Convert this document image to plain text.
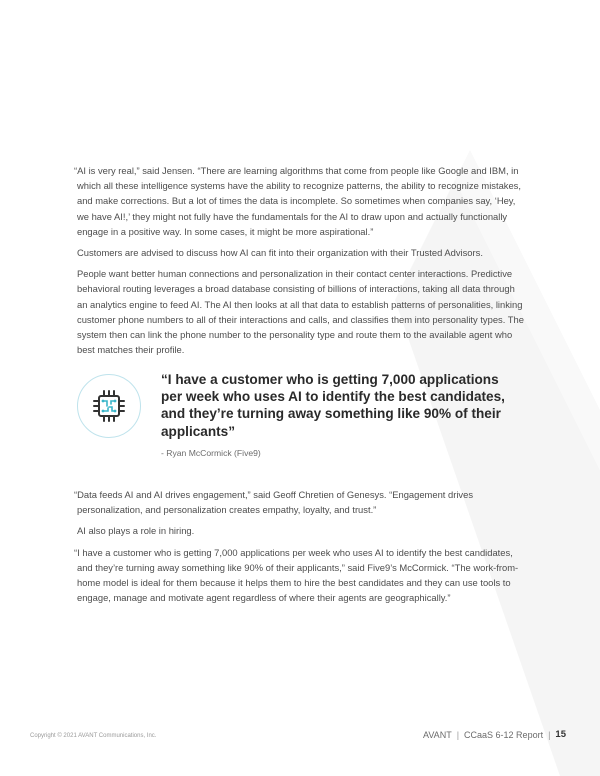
“AI is very real,” said Jensen. “There are learning algorithms that come from people like Google and IBM, in which all these intelligence systems have the ability to recognize patterns, the ability to recognize mistakes, and make corrections. But a lot of times the data is incomplete. So sometimes when companies say, ‘Hey, we have AI!,’ they might not fully have the fundamentals for the AI to draw upon and actually functionally engage in a positive way. In some cases, it might be more aspirational.”

Customers are advised to discuss how AI can fit into their organization with their Trusted Advisors.

People want better human connections and personalization in their contact center interactions. Predictive behavioral routing leverages a broad database consisting of billions of interactions, taking all data through an analytics engine to feed AI. The AI then looks at all that data to establish patterns of personalities, linking customer phone numbers to all of their interactions and calls, and classifies them into personality types. The system then can link the phone number to the personality type and route them to the available agent who best matches their profile.

“I have a customer who is getting 7,000 applications per week who uses AI to identify the best candidates, and they’re turning away something like 90% of their applicants”

- Ryan McCormick (Five9)

“Data feeds AI and AI drives engagement,” said Geoff Chretien of Genesys. “Engagement drives personalization, and personalization creates empathy, loyalty, and trust.”

AI also plays a role in hiring.

“I have a customer who is getting 7,000 applications per week who uses AI to identify the best candidates, and they’re turning away something like 90% of their applicants,” said Five9’s McCormick. “The work-from-home model is ideal for them because it helps them to hire the best candidates and they can use tools to engage, manage and motivate agent regardless of where their agents are geographically.”

Copyright © 2021 AVANT Communications, Inc.	AVANT | CCaaS 6-12 Report | 15
